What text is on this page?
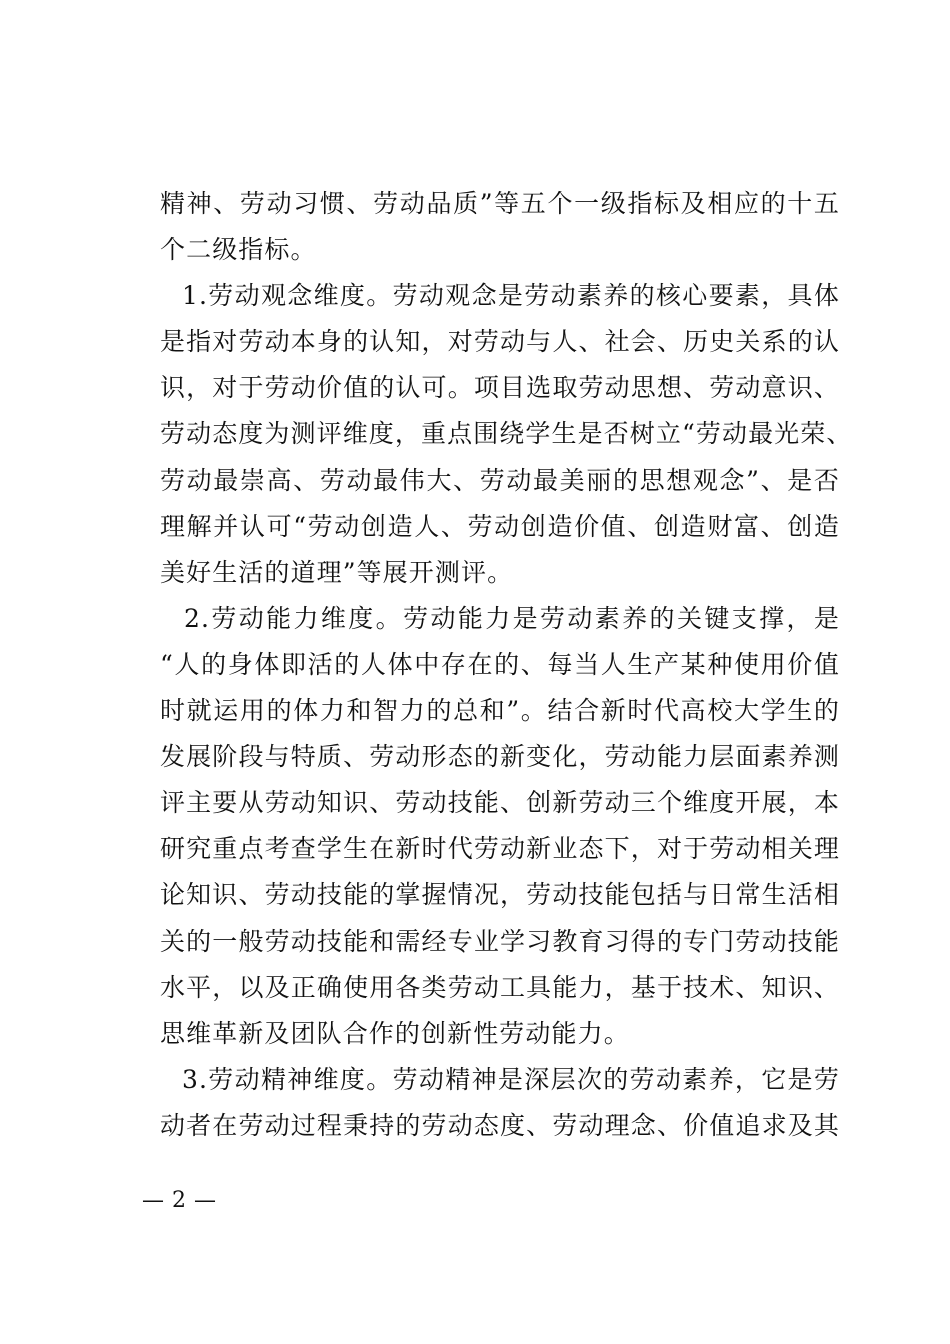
精神、劳动习惯、劳动品质”等五个一级指标及相应的十五
个二级指标。
1.劳动观念维度。劳动观念是劳动素养的核心要素，具体
是指对劳动本身的认知，对劳动与人、社会、历史关系的认
识，对于劳动价值的认可。项目选取劳动思想、劳动意识、
劳动态度为测评维度，重点围绕学生是否树立“劳动最光荣、
劳动最崇高、劳动最伟大、劳动最美丽的思想观念”、是否
理解并认可“劳动创造人、劳动创造价值、创造财富、创造
美好生活的道理”等展开测评。
2.劳动能力维度。劳动能力是劳动素养的关键支撑，是
“人的身体即活的人体中存在的、每当人生产某种使用价值
时就运用的体力和智力的总和”。结合新时代高校大学生的
发展阶段与特质、劳动形态的新变化，劳动能力层面素养测
评主要从劳动知识、劳动技能、创新劳动三个维度开展，本
研究重点考查学生在新时代劳动新业态下，对于劳动相关理
论知识、劳动技能的掌握情况，劳动技能包括与日常生活相
关的一般劳动技能和需经专业学习教育习得的专门劳动技能
水平，以及正确使用各类劳动工具能力，基于技术、知识、
思维革新及团队合作的创新性劳动能力。
3.劳动精神维度。劳动精神是深层次的劳动素养，它是劳
动者在劳动过程秉持的劳动态度、劳动理念、价值追求及其
— 2 —
